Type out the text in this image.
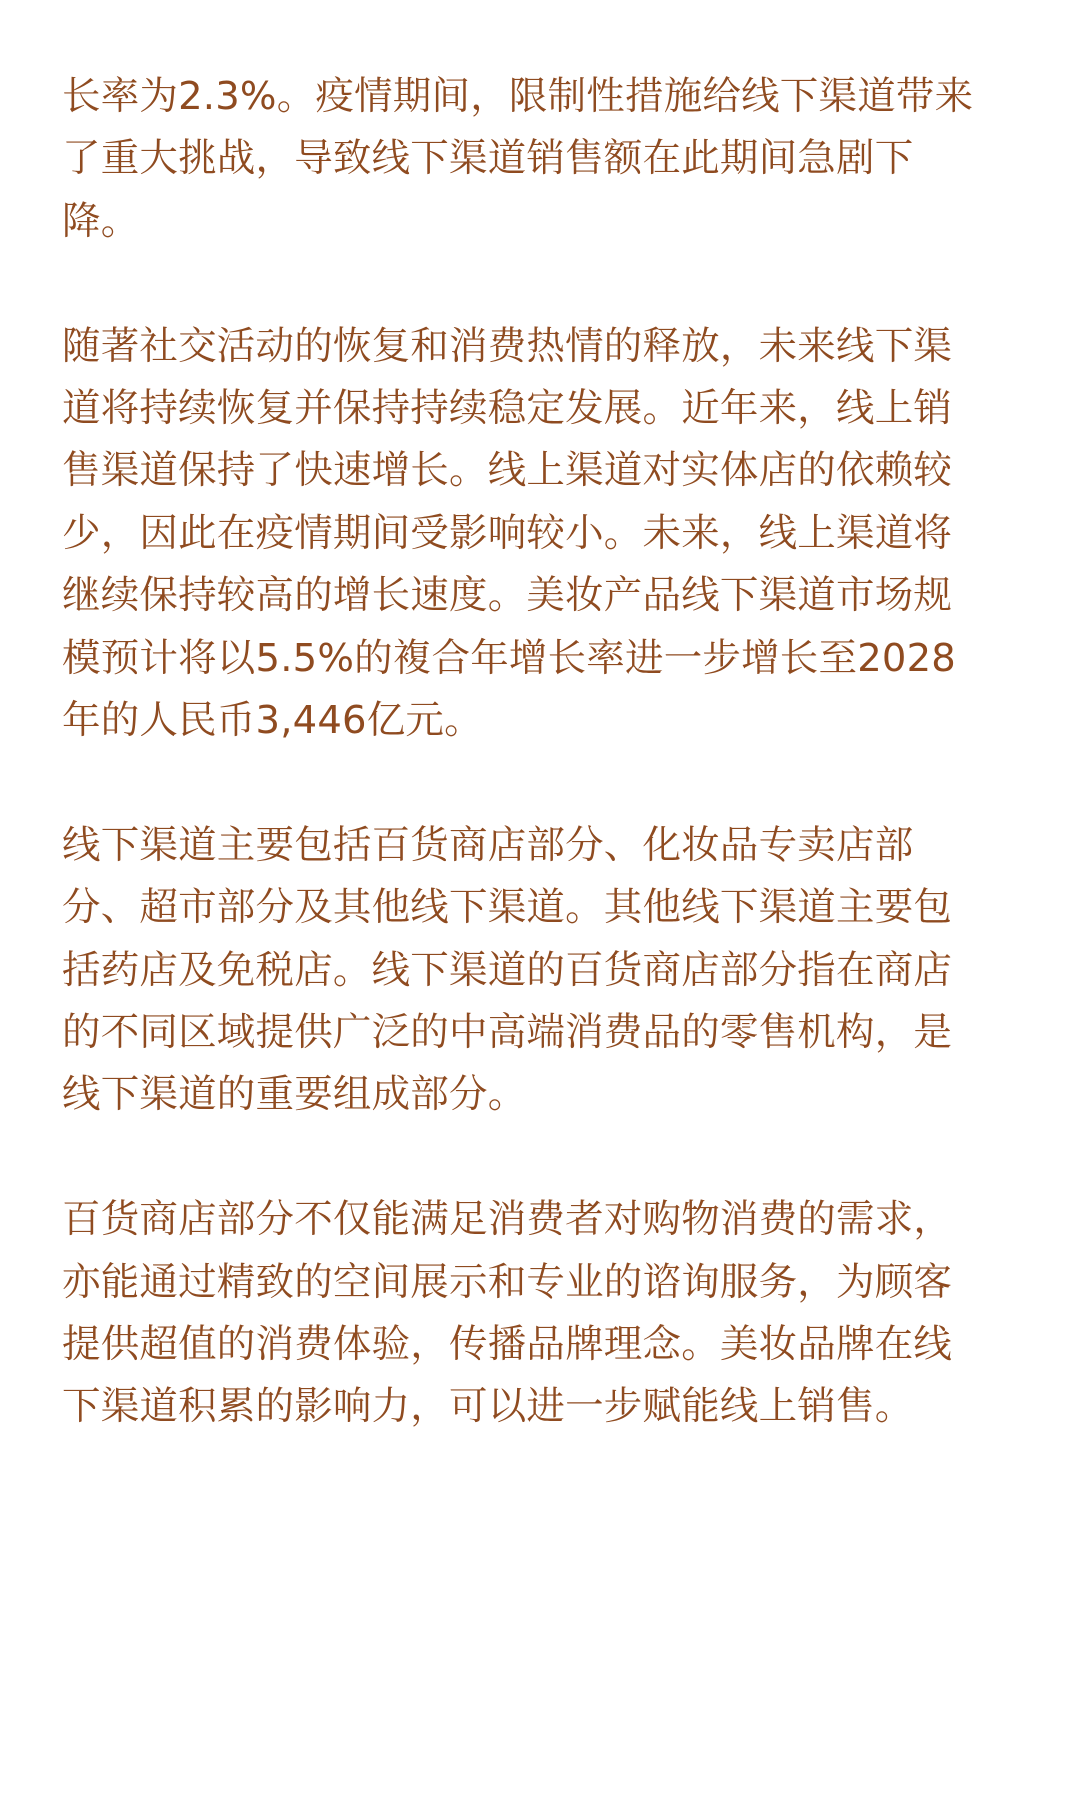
长率为2.3%。疫情期间，限制性措施给线下渠道带来
了重大挑战，导致线下渠道销售额在此期间急剧下
降。
随著社交活动的恢复和消费热情的释放，未来线下渠
道将持续恢复并保持持续稳定发展。近年来，线上销
售渠道保持了快速增长。线上渠道对实体店的依赖较
少，因此在疫情期间受影响较小。未来，线上渠道将
继续保持较高的增长速度。美妆产品线下渠道市场规
模预计将以5.5%的複合年增长率进一步增长至2028
年的人民币3,446亿元。
线下渠道主要包括百货商店部分、化妆品专卖店部
分、超市部分及其他线下渠道。其他线下渠道主要包
括药店及免税店。线下渠道的百货商店部分指在商店
的不同区域提供广泛的中高端消费品的零售机构，是
线下渠道的重要组成部分。
百货商店部分不仅能满足消费者对购物消费的需求，
亦能通过精致的空间展示和专业的谘询服务，为顾客
提供超值的消费体验，传播品牌理念。美妆品牌在线
下渠道积累的影响力，可以进一步赋能线上销售。
